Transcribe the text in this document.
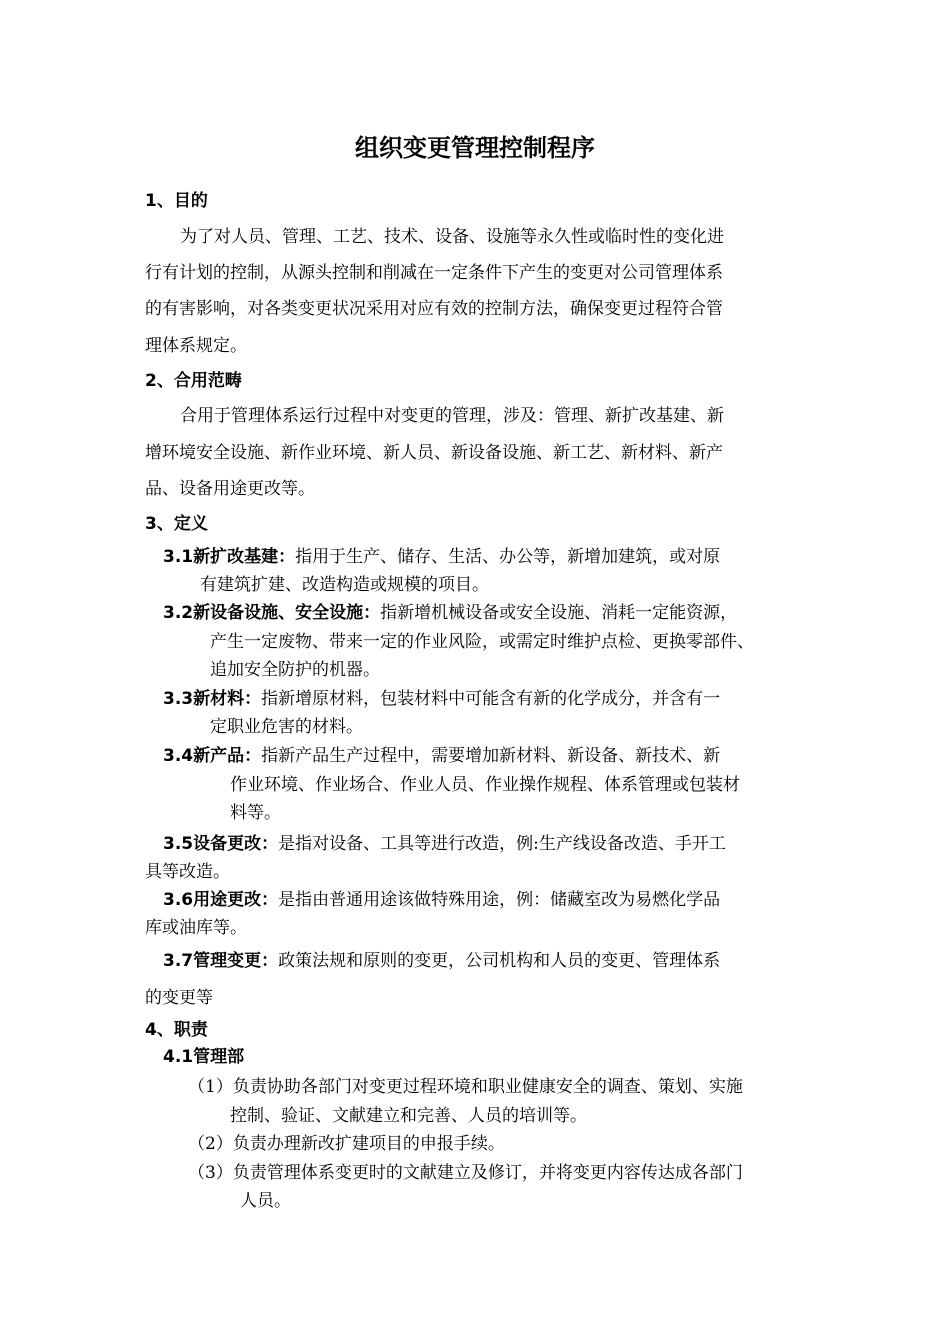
组织变更管理控制程序
1、目的
为了对人员、管理、工艺、技术、设备、设施等永久性或临时性的变化进
行有计划的控制，从源头控制和削减在一定条件下产生的变更对公司管理体系
的有害影响，对各类变更状况采用对应有效的控制方法，确保变更过程符合管
理体系规定。
2、合用范畴
合用于管理体系运行过程中对变更的管理，涉及：管理、新扩改基建、新
增环境安全设施、新作业环境、新人员、新设备设施、新工艺、新材料、新产
品、设备用途更改等。
3、定义
3.1新扩改基建：指用于生产、储存、生活、办公等，新增加建筑，或对原
有建筑扩建、改造构造或规模的项目。
3.2新设备设施、安全设施：指新增机械设备或安全设施、消耗一定能资源，
产生一定废物、带来一定的作业风险，或需定时维护点检、更换零部件、
追加安全防护的机器。
3.3新材料：指新增原材料，包装材料中可能含有新的化学成分，并含有一
定职业危害的材料。
3.4新产品：指新产品生产过程中，需要增加新材料、新设备、新技术、新
作业环境、作业场合、作业人员、作业操作规程、体系管理或包装材
料等。
3.5设备更改：是指对设备、工具等进行改造，例:生产线设备改造、手开工
具等改造。
3.6用途更改：是指由普通用途该做特殊用途，例：储藏室改为易燃化学品
库或油库等。
3.7管理变更：政策法规和原则的变更，公司机构和人员的变更、管理体系
的变更等
4、职责
4.1管理部
（1）负责协助各部门对变更过程环境和职业健康安全的调查、策划、实施
控制、验证、文献建立和完善、人员的培训等。
（2）负责办理新改扩建项目的申报手续。
（3）负责管理体系变更时的文献建立及修订，并将变更内容传达成各部门
人员。
